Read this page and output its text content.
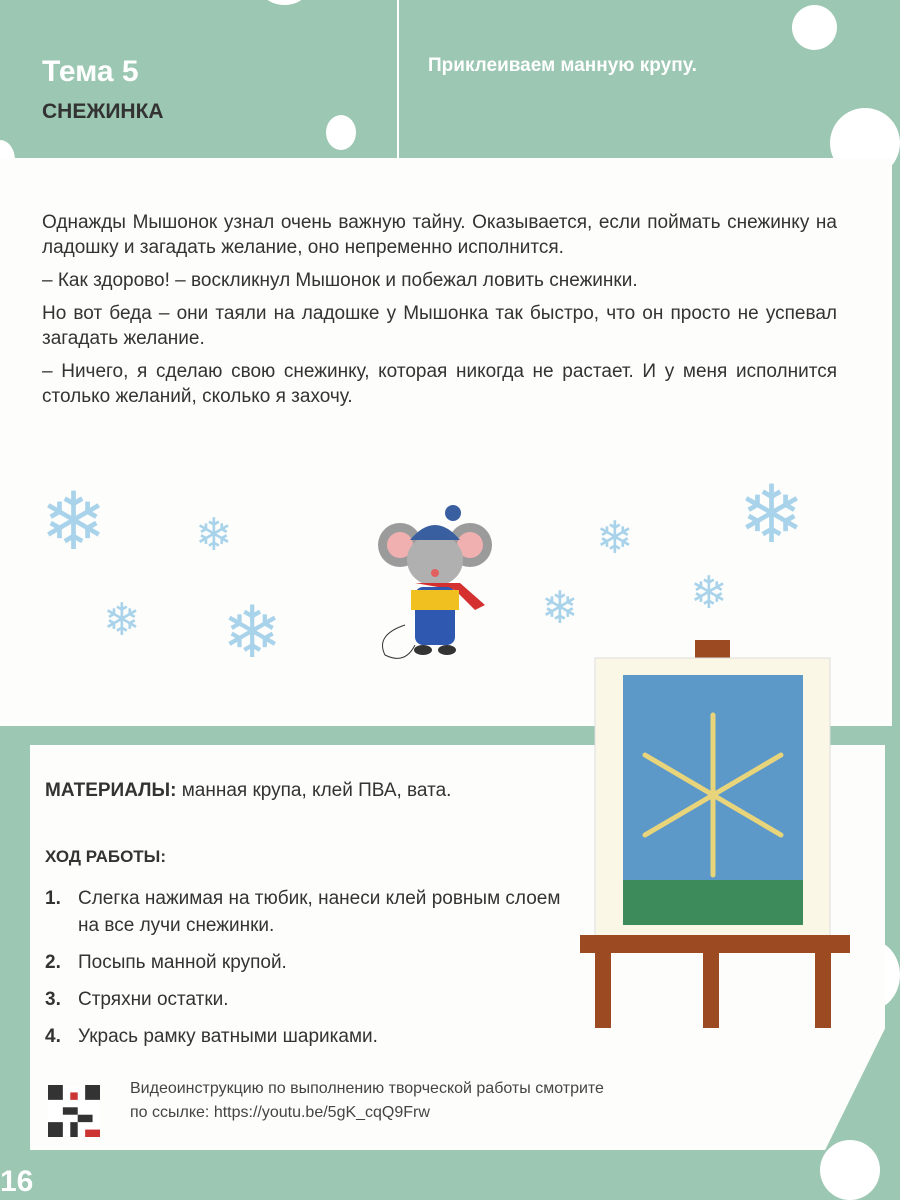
Тема 5
СНЕЖИНКА
Приклеиваем манную крупу.

Однажды Мышонок узнал очень важную тайну. Оказывается, если поймать снежинку на ладошку и загадать желание, оно непременно исполнится.

– Как здорово! – воскликнул Мышонок и побежал ловить снежинки.

Но вот беда – они таяли на ладошке у Мышонка так быстро, что он просто не успевал загадать желание.

– Ничего, я сделаю свою снежинку, которая никогда не растает. И у меня исполнится столько желаний, сколько я захочу.

❄ ❄
❄ ❄
❄ ❄
❄ ❄
МАТЕРИАЛЫ: манная крупа, клей ПВА, вата.
ХОД РАБОТЫ:
1. Слегка нажимая на тюбик, нанеси клей ровным слоем на все лучи снежинки.
2. Посыпь манной крупой.
3. Стряхни остатки.
4. Укрась рамку ватными шариками.
Видеоинструкцию по выполнению творческой работы смотрите
по ссылке: https://youtu.be/5gK_cqQ9Frw
16
